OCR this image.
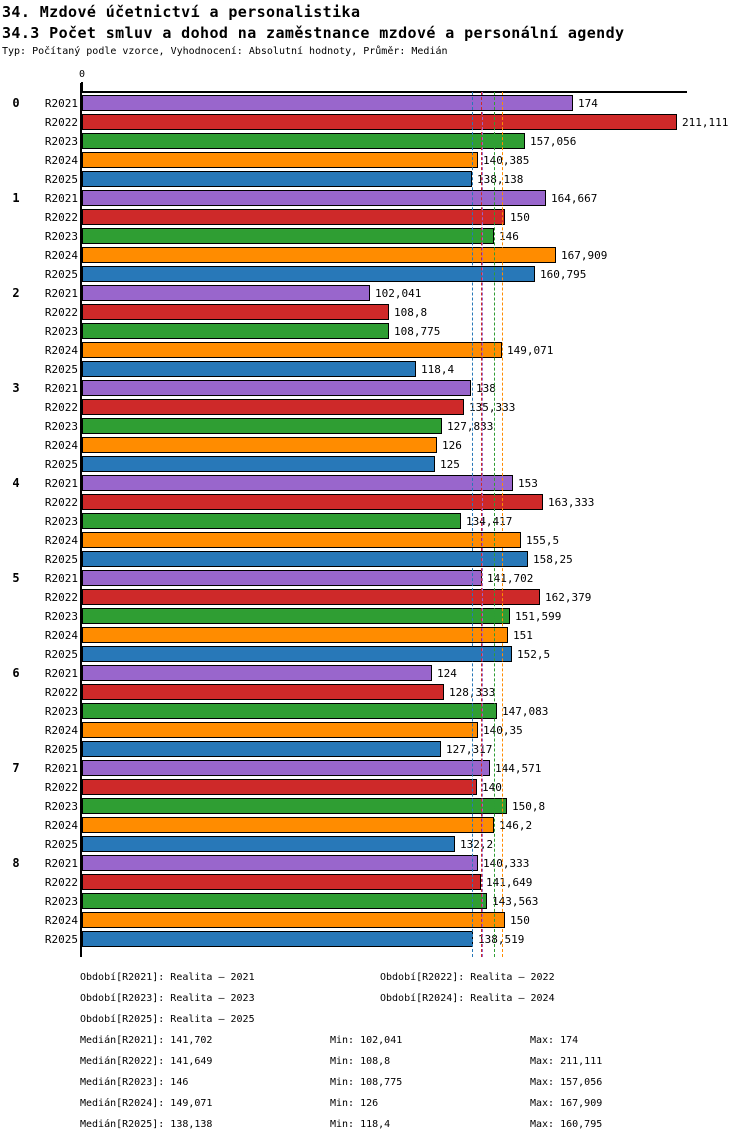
34. Mzdové účetnictví a personalistika
34.3 Počet smluv a dohod na zaměstnance mzdové a personální agendy
Typ: Počítaný podle vzorce, Vyhodnocení: Absolutní hodnoty, Průměr: Medián
0
0	R2021	174
R2022	211,111
R2023	157,056
R2024	140,385
R2025	138,138
1	R2021	164,667
R2022	150
R2023	146
R2024	167,909
R2025	160,795
2	R2021	102,041
R2022	108,8
R2023	108,775
R2024	149,071
R2025	118,4
3	R2021	138
R2022	135,333
R2023	127,833
R2024	126
R2025	125
4	R2021	153
R2022	163,333
R2023	134,417
R2024	155,5
R2025	158,25
5	R2021	141,702
R2022	162,379
R2023	151,599
R2024	151
R2025	152,5
6	R2021	124
R2022	128,333
R2023	147,083
R2024	140,35
R2025	127,317
7	R2021	144,571
R2022	140
R2023	150,8
R2024	146,2
R2025	132,2
8	R2021	140,333
R2022	141,649
R2023	143,563
R2024	150
R2025	138,519
Období[R2021]: Realita – 2021	Období[R2022]: Realita – 2022
Období[R2023]: Realita – 2023	Období[R2024]: Realita – 2024
Období[R2025]: Realita – 2025
Medián[R2021]: 141,702	Min: 102,041	Max: 174
Medián[R2022]: 141,649	Min: 108,8	Max: 211,111
Medián[R2023]: 146	Min: 108,775	Max: 157,056
Medián[R2024]: 149,071	Min: 126	Max: 167,909
Medián[R2025]: 138,138	Min: 118,4	Max: 160,795
